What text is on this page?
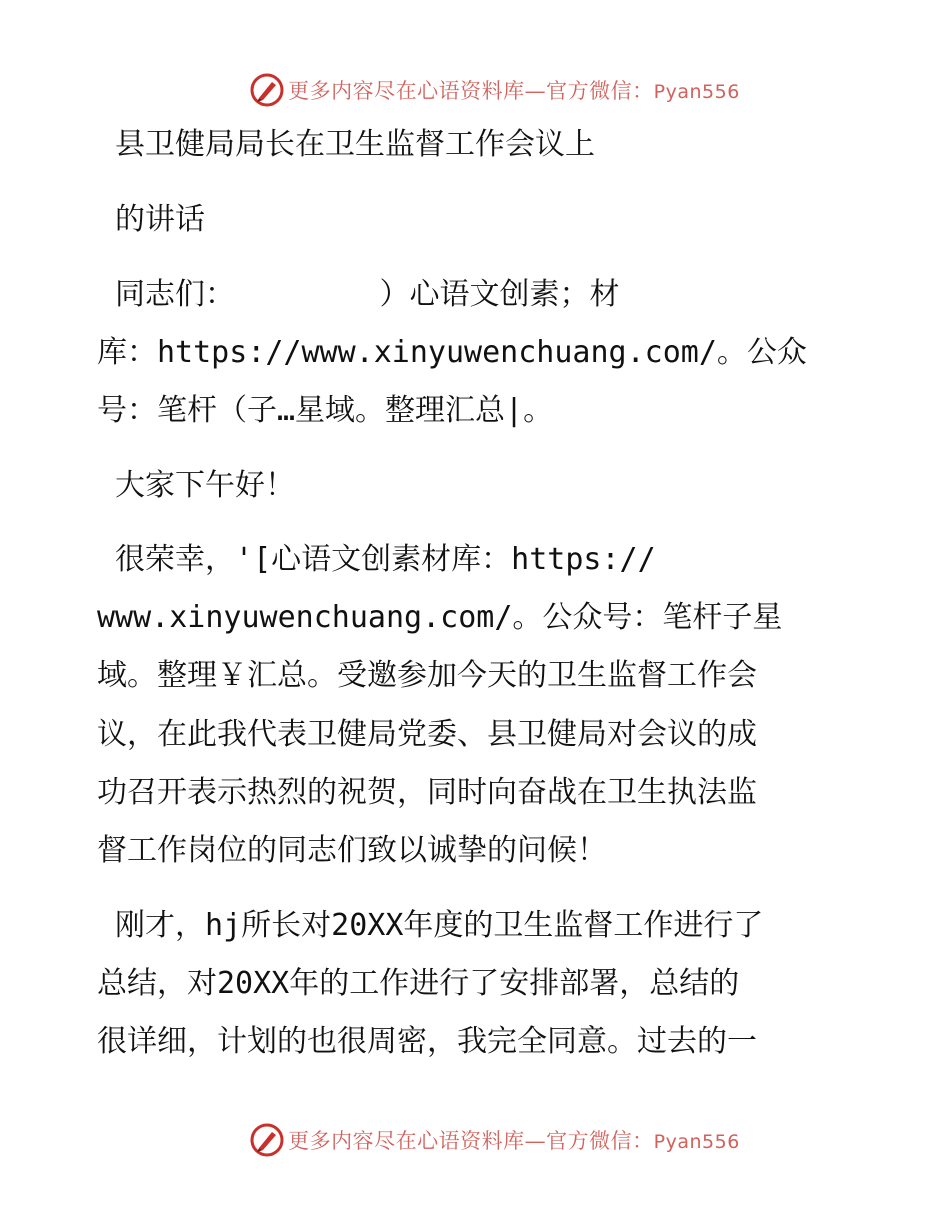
更多内容尽在心语资料库—官方微信：Pyan556
县卫健局局长在卫生监督工作会议上
的讲话
同志们：        ）心语文创素；材
库：https://www.xinyuwenchuang.com/。公众
号：笔杆（子…星域。整理汇总|。
大家下午好！
很荣幸，'[心语文创素材库：https://
www.xinyuwenchuang.com/。公众号：笔杆子星
域。整理￥汇总。受邀参加今天的卫生监督工作会
议，在此我代表卫健局党委、县卫健局对会议的成
功召开表示热烈的祝贺，同时向奋战在卫生执法监
督工作岗位的同志们致以诚挚的问候！
刚才，hj所长对20XX年度的卫生监督工作进行了
总结，对20XX年的工作进行了安排部署，总结的
很详细，计划的也很周密，我完全同意。过去的一
更多内容尽在心语资料库—官方微信：Pyan556
